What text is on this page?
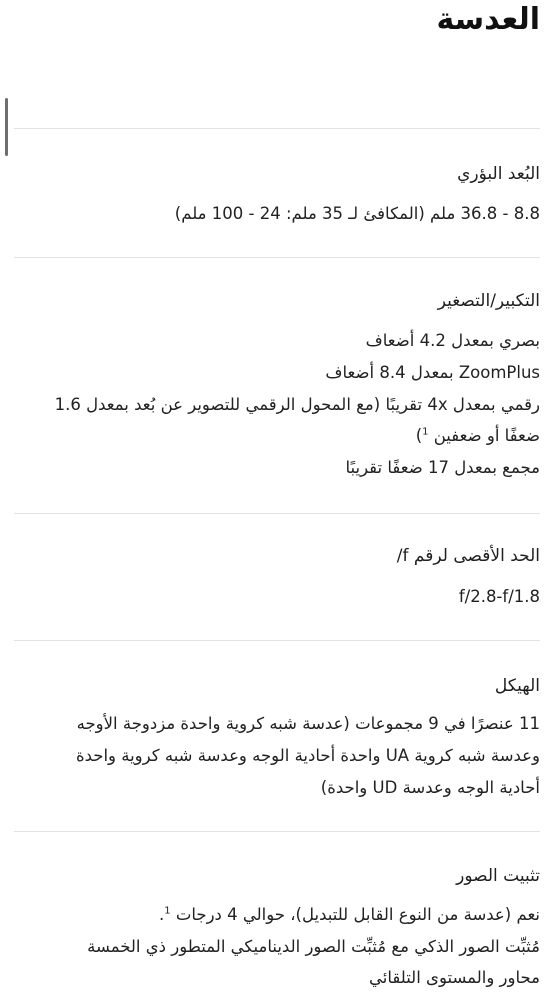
العدسة
البُعد البؤري

8.8 - 36.8 ملم (المكافئ لـ 35 ملم: 24 - 100 ملم)

التكبير/التصغير

بصري بمعدل 4.2 أضعاف

ZoomPlus بمعدل 8.4 أضعاف

رقمي بمعدل 4x تقريبًا (مع المحول الرقمي للتصوير عن بُعد بمعدل 1.6

ضعفًا أو ضعفين $^1$)

مجمع بمعدل 17 ضعفًا تقريبًا

الحد الأقصى لرقم f/

f/2.8-f/1.8

الهيكل

11 عنصرًا في 9 مجموعات (عدسة شبه كروية واحدة مزدوجة الأوجه

وعدسة شبه كروية UA واحدة أحادية الوجه وعدسة شبه كروية واحدة

أحادية الوجه وعدسة UD واحدة)

تثبيت الصور

نعم (عدسة من النوع القابل للتبديل)، حوالي 4 درجات $^1$.

مُثبِّت الصور الذكي مع مُثبِّت الصور الديناميكي المتطور ذي الخمسة

محاور والمستوى التلقائي
